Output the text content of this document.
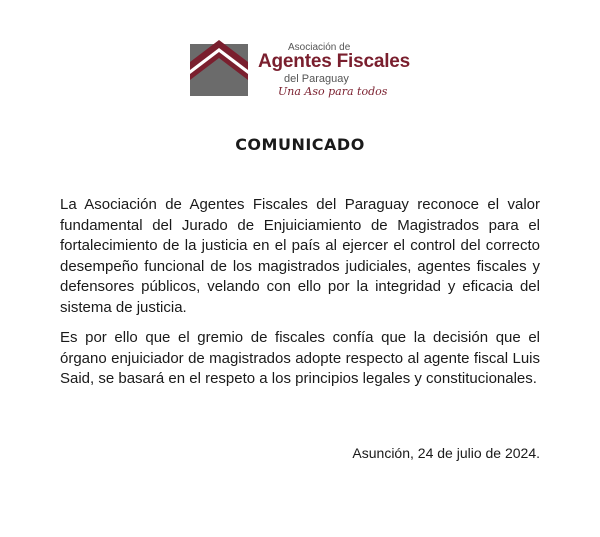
Asociación de
Agentes Fiscales
del Paraguay
Una Aso para todos
COMUNICADO
La Asociación de Agentes Fiscales del Paraguay reconoce el valor fundamental del Jurado de Enjuiciamiento de Magistrados para el fortalecimiento de la justicia en el país al ejercer el control del correcto desempeño funcional de los magistrados judiciales, agentes fiscales y defensores públicos, velando con ello por la integridad y eficacia del sistema de justicia.
Es por ello que el gremio de fiscales confía que la decisión que el órgano enjuiciador de magistrados adopte respecto al agente fiscal Luis Said, se basará en el respeto a los principios legales y constitucionales.
Asunción, 24 de julio de 2024.
